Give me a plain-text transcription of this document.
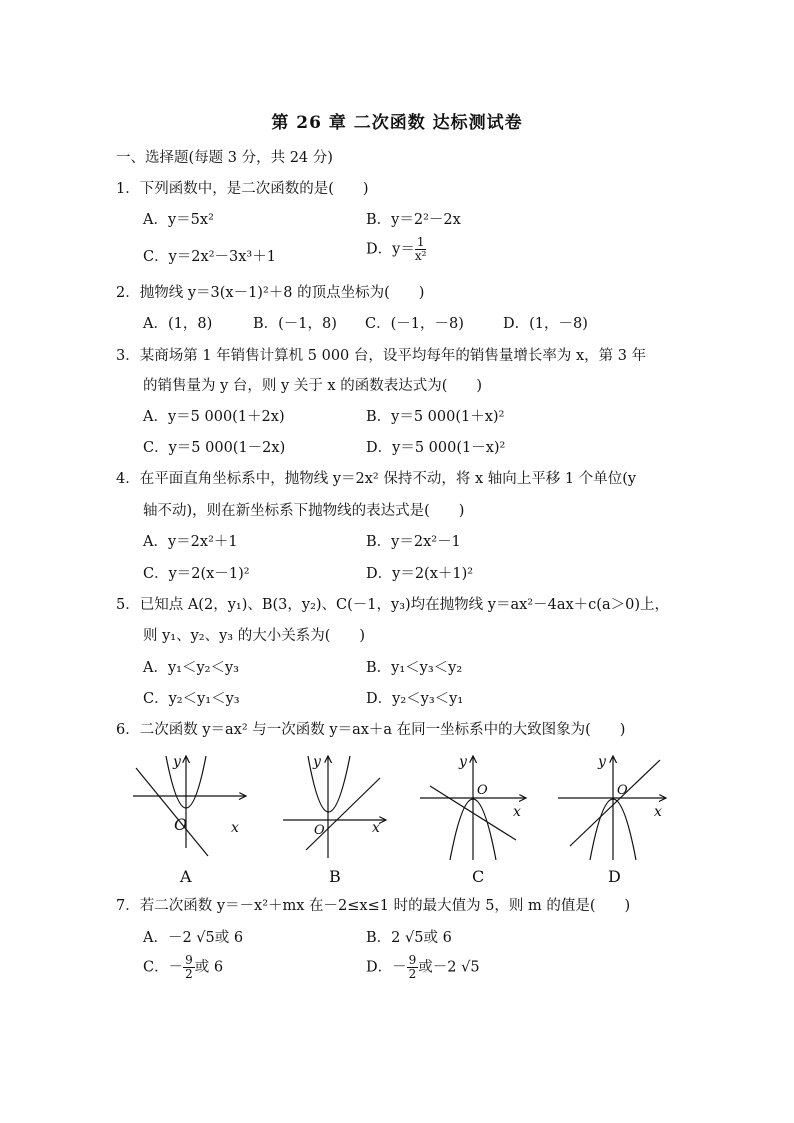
第 26 章 二次函数 达标测试卷
一、选择题(每题 3 分，共 24 分)
1．下列函数中，是二次函数的是(　　)
A．y＝5x²	B．y＝2²－2x
C．y＝2x²－3x³＋1	D．$y= \frac{1}{\text{x²}}$
2．抛物线 y＝3(x－1)²＋8 的顶点坐标为(　　)
A．(1，8)	B．(－1，8) C．(－1，－8)	D．(1，－8)
3．某商场第 1 年销售计算机 5 000 台，设平均每年的销售量增长率为 x，第 3 年
的销售量为 y 台，则 y 关于 x 的函数表达式为(　　)
A．y＝5 000(1＋2x)	B．y＝5 000(1＋x)²
C．y＝5 000(1－2x)	D．y＝5 000(1－x)²
4．在平面直角坐标系中，抛物线 y＝2x² 保持不动，将 x 轴向上平移 1 个单位(y
轴不动)，则在新坐标系下抛物线的表达式是(　　)
A．y＝2x²＋1	B．y＝2x²－1
C．y＝2(x－1)²	D．y＝2(x＋1)²
5．已知点 A(2，y₁)、B(3，y₂)、C(－1，y₃)均在抛物线 y＝ax²－4ax＋c(a＞0)上，
则 y₁、y₂、y₃ 的大小关系为(　　)
A．y₁＜y₂＜y₃	B．y₁＜y₃＜y₂
C．y₂＜y₁＜y₃	D．y₂＜y₃＜y₁
6．二次函数 y＝ax² 与一次函数 y＝ax＋a 在同一坐标系中的大致图象为(　　)
O	x
y
A
O	x
y
B
O
x
y
C
O
x
y
D
7．若二次函数 y＝－x²＋mx 在－2≤x≤1 时的最大值为 5，则 m 的值是(　　)
A．－2 √5或 6	B．2 √5或 6
C．－ $\frac{9}{2}$ 或 6	D．－ $\frac{9}{2}$ 或－2 √5
